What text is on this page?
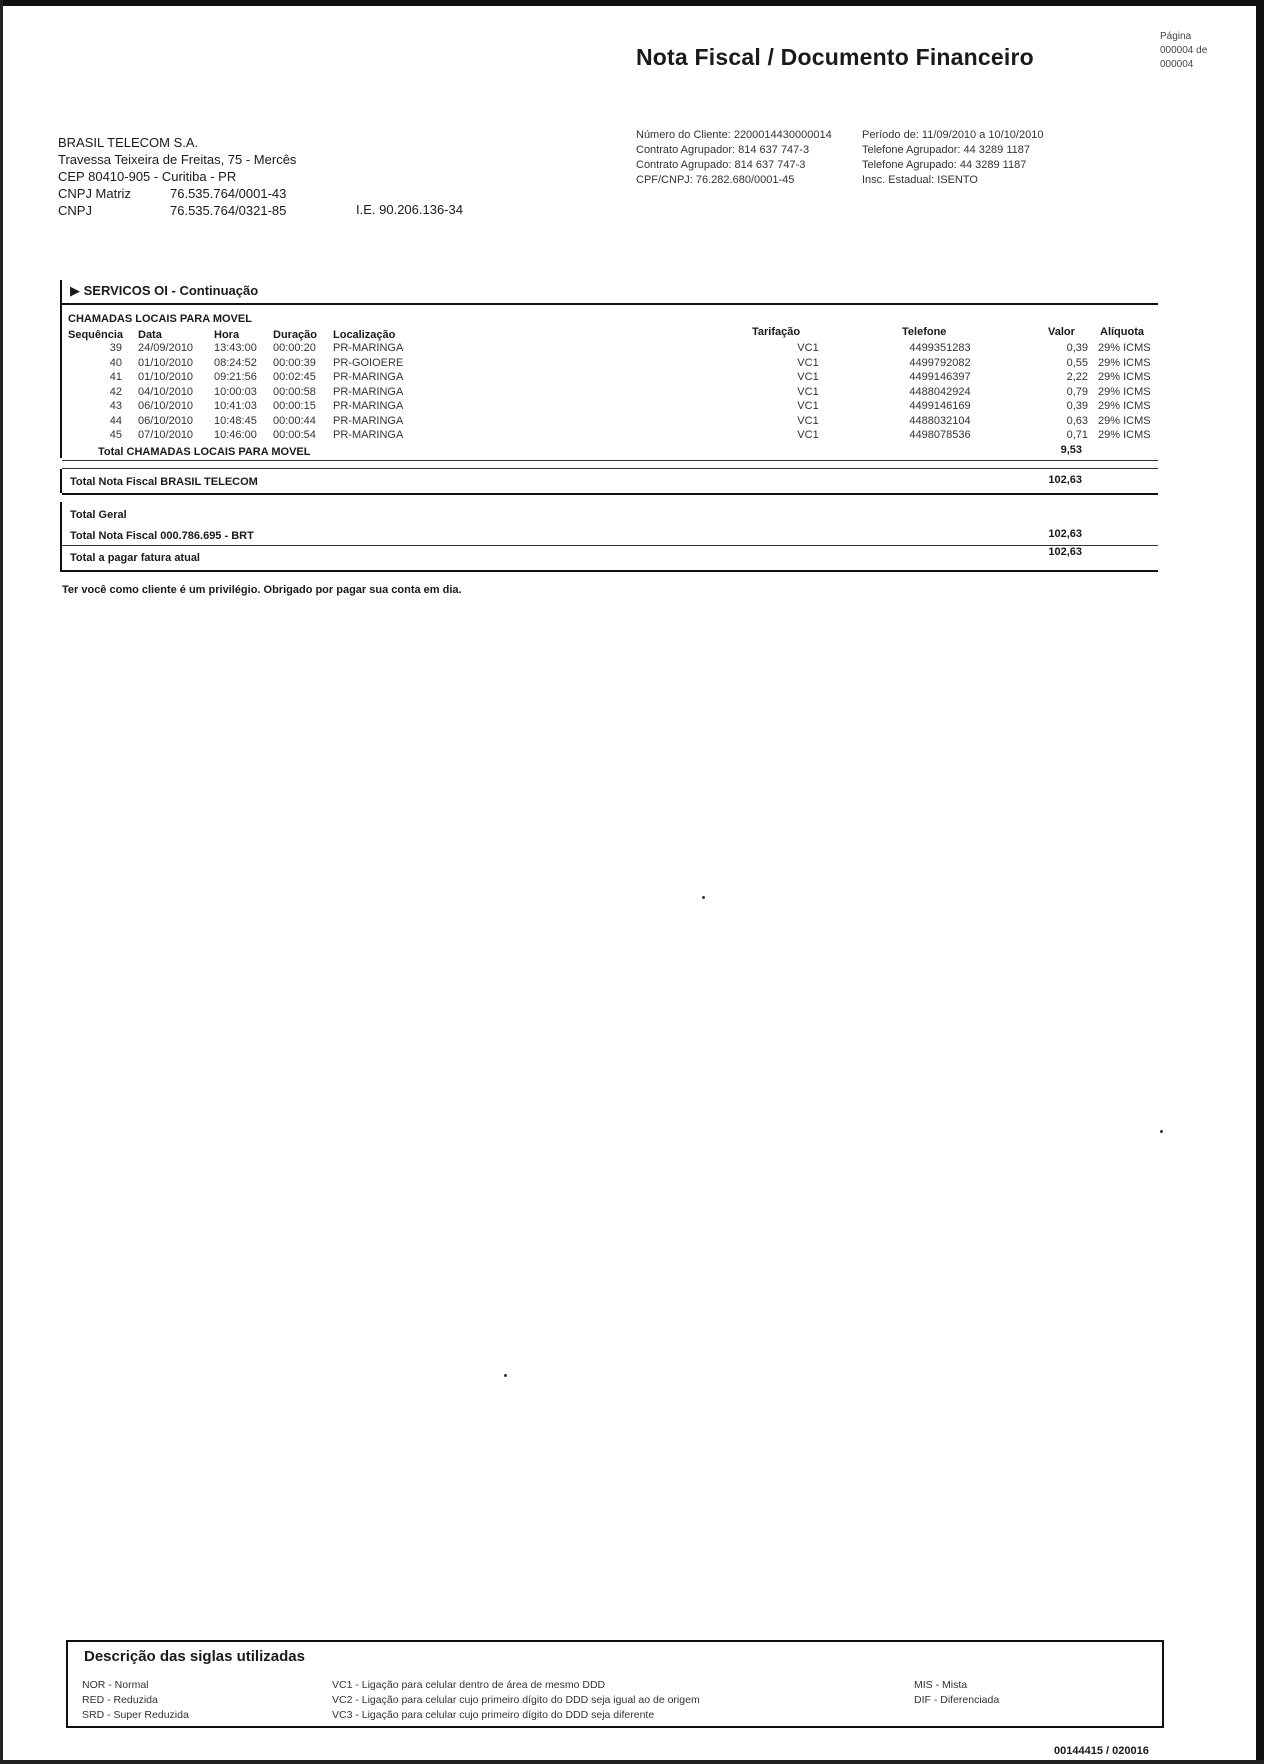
Nota Fiscal / Documento Financeiro
Página
000004 de
000004
BRASIL TELECOM S.A.
Travessa Teixeira de Freitas, 75 - Mercês
CEP 80410-905 - Curitiba - PR
CNPJ Matriz	76.535.764/0001-43
CNPJ	76.535.764/0321-85	I.E. 90.206.136-34
Número do Cliente: 2200014430000014
Contrato Agrupador: 814 637 747-3
Contrato Agrupado: 814 637 747-3
CPF/CNPJ: 76.282.680/0001-45
Período de: 11/09/2010 a 10/10/2010
Telefone Agrupador: 44 3289 1187
Telefone Agrupado: 44 3289 1187
Insc. Estadual: ISENTO
▶ SERVICOS OI - Continuação
CHAMADAS LOCAIS PARA MOVEL
Sequência Data	Hora	Duração Localização	Tarifação	Telefone	Valor Alíquota
39 24/09/2010 13:43:00 00:00:20 PR-MARINGA	VC1	4499351283	0,39 29% ICMS
40 01/10/2010 08:24:52 00:00:39 PR-GOIOERE	VC1	4499792082	0,55 29% ICMS
41 01/10/2010 09:21:56 00:02:45 PR-MARINGA	VC1	4499146397	2,22 29% ICMS
42 04/10/2010 10:00:03 00:00:58 PR-MARINGA	VC1	4488042924	0,79 29% ICMS
43 06/10/2010 10:41:03 00:00:15 PR-MARINGA	VC1	4499146169	0,39 29% ICMS
44 06/10/2010 10:48:45 00:00:44 PR-MARINGA	VC1	4488032104	0,63 29% ICMS
45 07/10/2010 10:46:00 00:00:54 PR-MARINGA	VC1	4498078536	0,71 29% ICMS
Total CHAMADAS LOCAIS PARA MOVEL	9,53
Total Nota Fiscal BRASIL TELECOM	102,63
Total Geral
Total Nota Fiscal 000.786.695 - BRT	102,63
Total a pagar fatura atual	102,63
Ter você como cliente é um privilégio. Obrigado por pagar sua conta em dia.
Descrição das siglas utilizadas
NOR - Normal
RED - Reduzida
SRD - Super Reduzida
VC1 - Ligação para celular dentro de área de mesmo DDD
VC2 - Ligação para celular cujo primeiro dígito do DDD seja igual ao de origem
VC3 - Ligação para celular cujo primeiro dígito do DDD seja diferente
MIS - Mista
DIF - Diferenciada
00144415 / 020016
